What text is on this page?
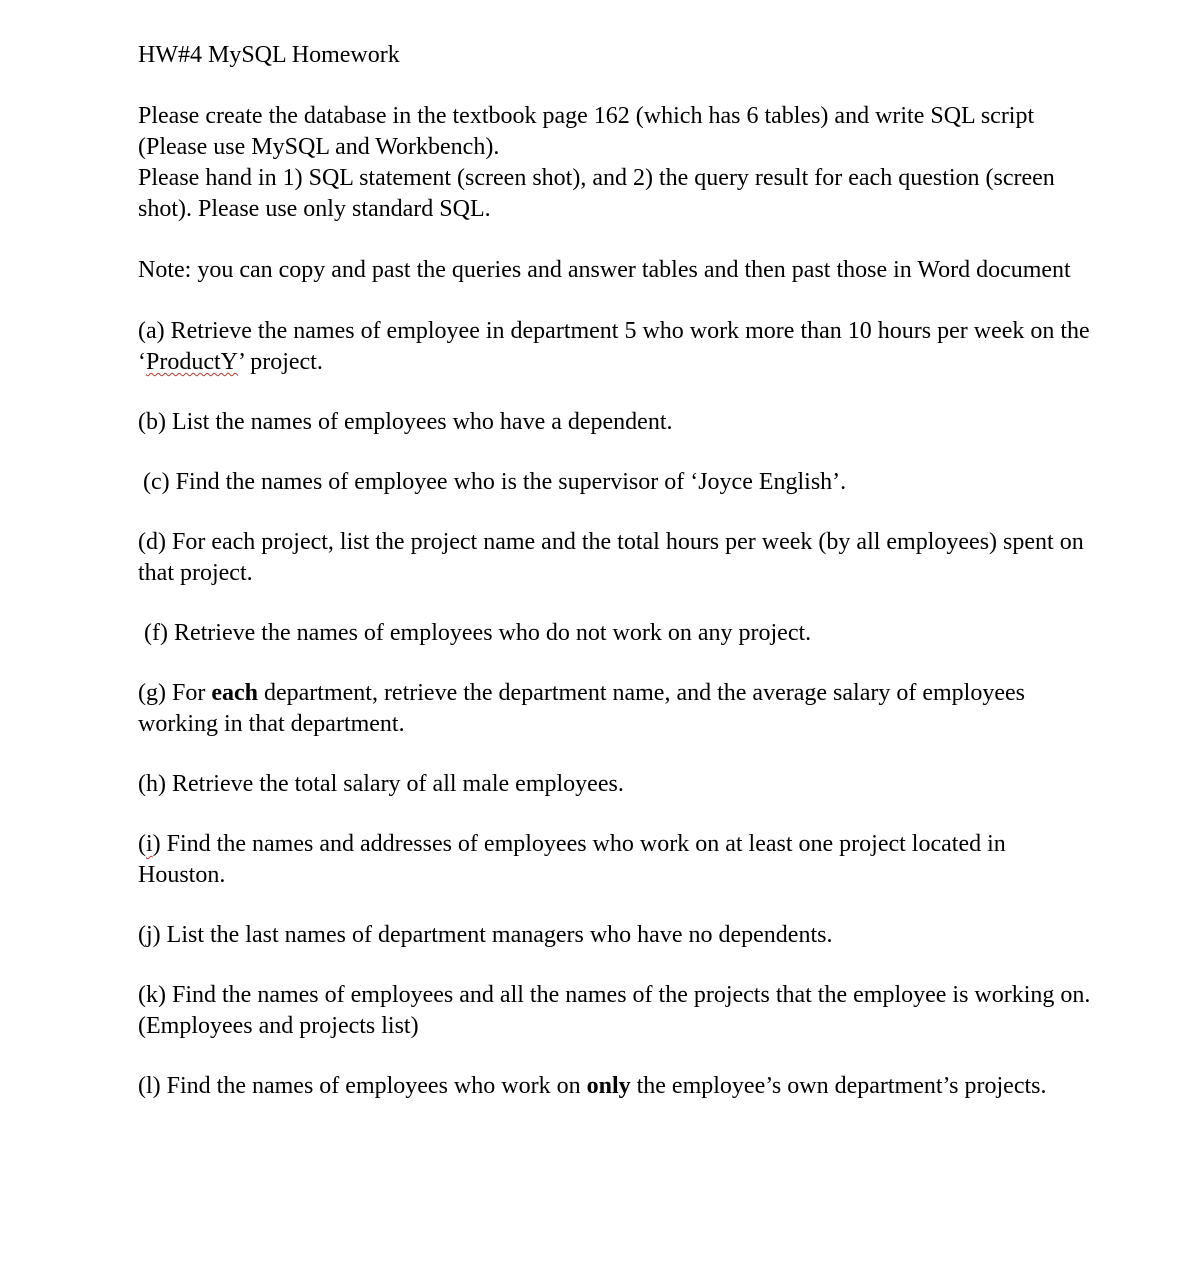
HW#4 MySQL Homework

Please create the database in the textbook page 162 (which has 6 tables) and write SQL script (Please use MySQL and Workbench).

Please hand in 1) SQL statement (screen shot), and 2) the query result for each question (screen shot). Please use only standard SQL.

Note: you can copy and past the queries and answer tables and then past those in Word document

(a) Retrieve the names of employee in department 5 who work more than 10 hours per week on the ‘ProductY’ project.

(b) List the names of employees who have a dependent.

(c) Find the names of employee who is the supervisor of ‘Joyce English’.

(d) For each project, list the project name and the total hours per week (by all employees) spent on that project.

(f) Retrieve the names of employees who do not work on any project.

(g) For each department, retrieve the department name, and the average salary of employees working in that department.

(h) Retrieve the total salary of all male employees.

(i) Find the names and addresses of employees who work on at least one project located in Houston.

(j) List the last names of department managers who have no dependents.

(k) Find the names of employees and all the names of the projects that the employee is working on. (Employees and projects list)

(l) Find the names of employees who work on only the employee’s own department’s projects.
